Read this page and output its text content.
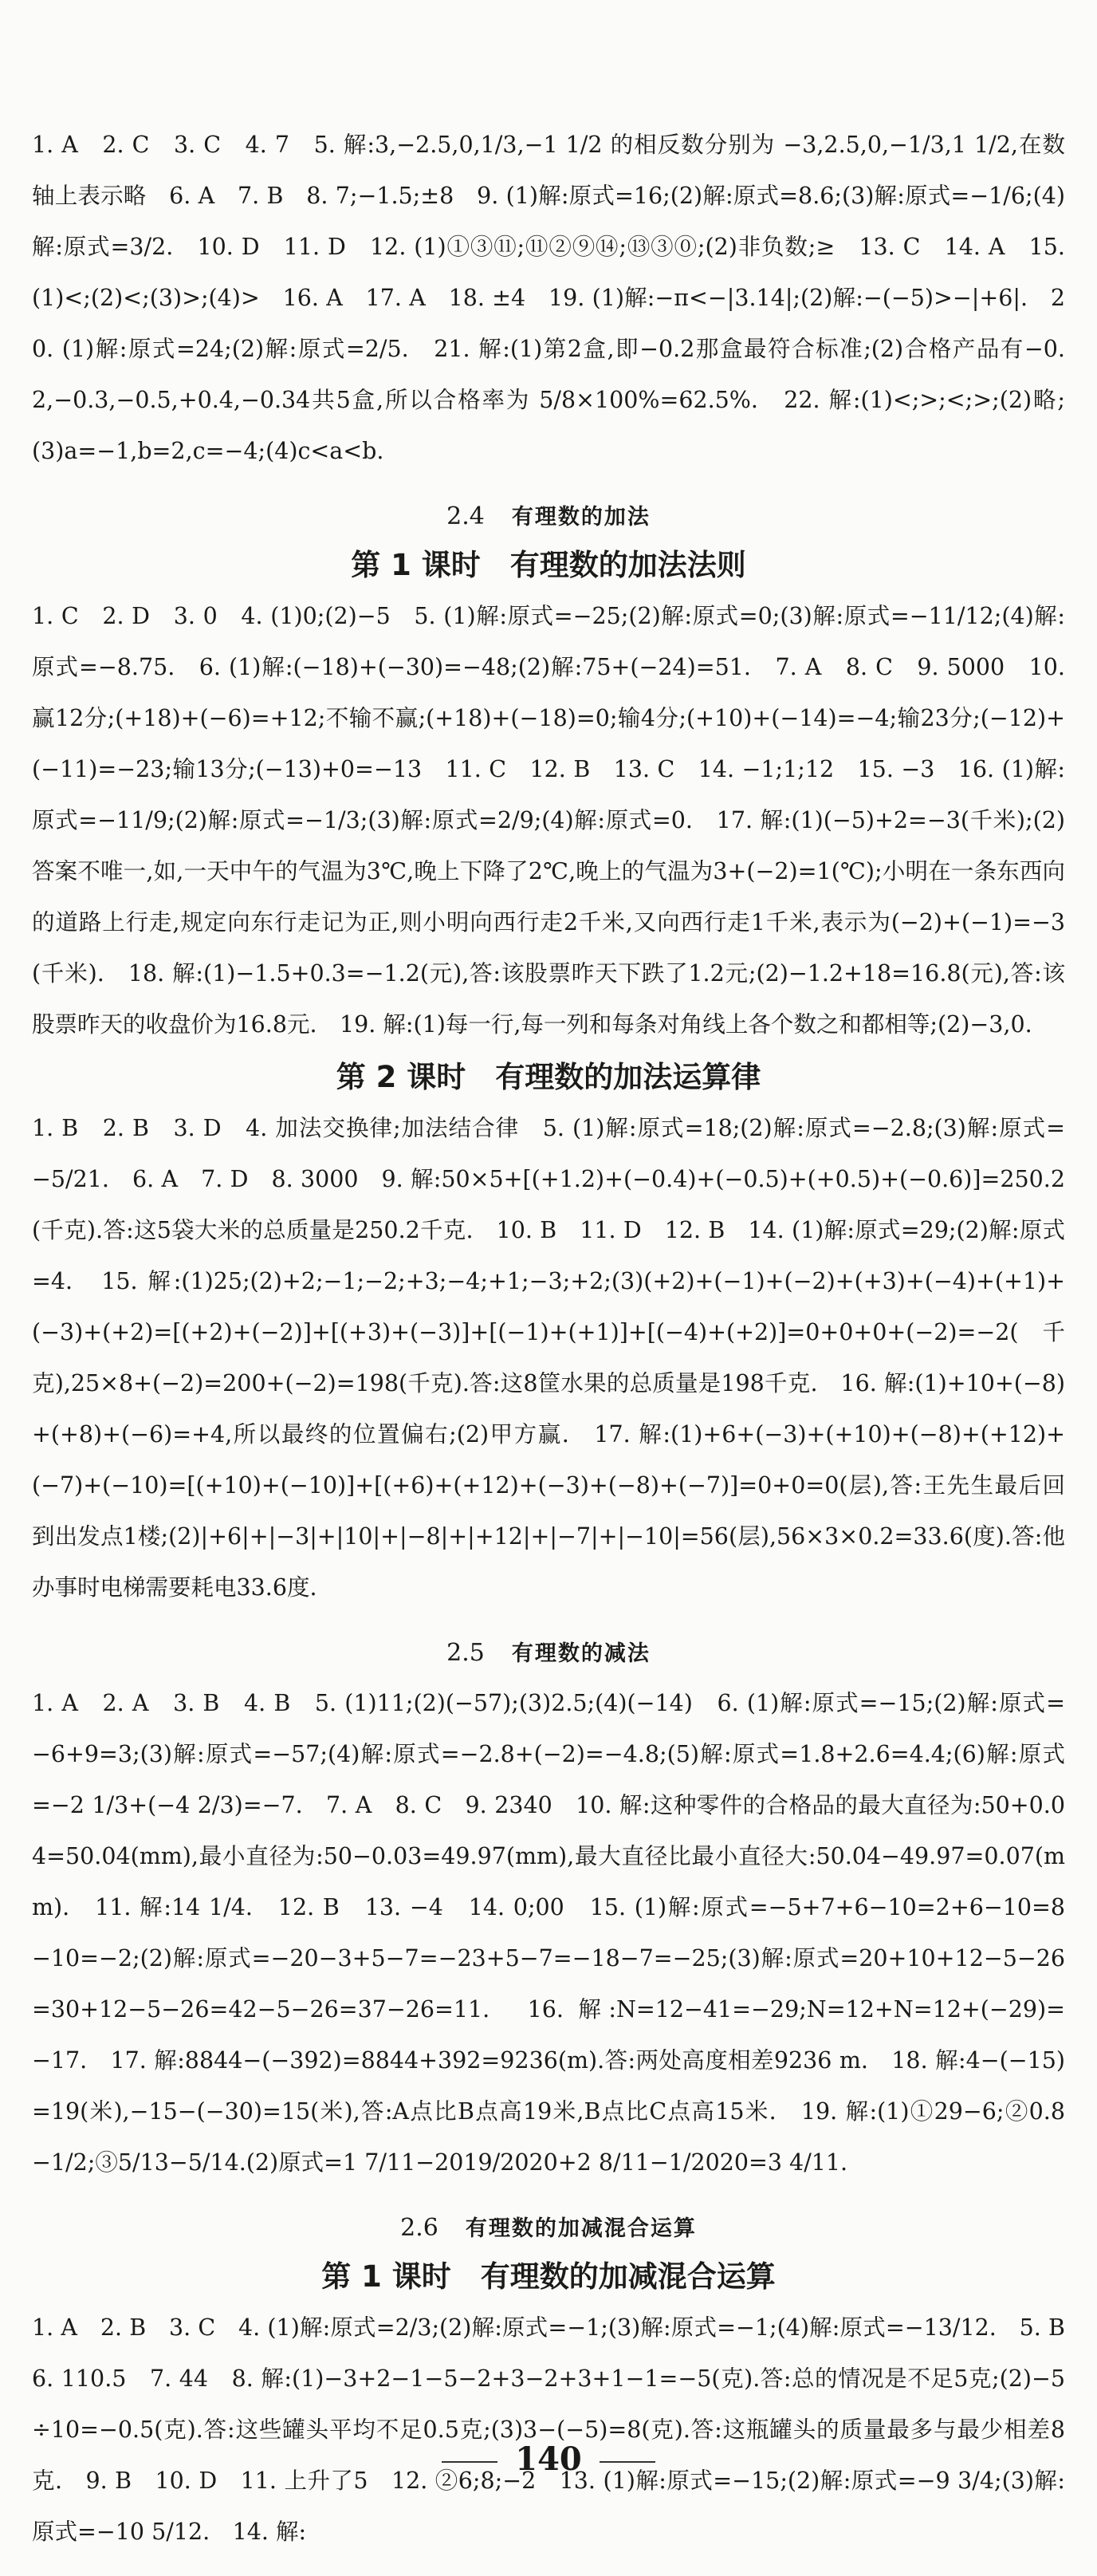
1. A　2. C　3. C　4. 7　5. 解:3,−2.5,0,1/3,−1 1/2 的相反数分别为 −3,2.5,0,−1/3,1 1/2,在数轴上表示略　6. A　7. B　8. 7;−1.5;±8　9. (1)解:原式=16;(2)解:原式=8.6;(3)解:原式=−1/6;(4)解:原式=3/2.　10. D　11. D　12. (1)①③⑪;⑪②⑨⑭;⑬③⓪;(2)非负数;≥　13. C　14. A　15. (1)<;(2)<;(3)>;(4)>　16. A　17. A　18. ±4　19. (1)解:−π<−|3.14|;(2)解:−(−5)>−|+6|.　20. (1)解:原式=24;(2)解:原式=2/5.　21. 解:(1)第2盒,即−0.2那盒最符合标准;(2)合格产品有−0.2,−0.3,−0.5,+0.4,−0.34共5盒,所以合格率为 5/8×100%=62.5%.　22. 解:(1)<;>;<;>;(2)略;(3)a=−1,b=2,c=−4;(4)c<a<b.

2.4 有理数的加法
第 1 课时　有理数的加法法则

1. C　2. D　3. 0　4. (1)0;(2)−5　5. (1)解:原式=−25;(2)解:原式=0;(3)解:原式=−11/12;(4)解:原式=−8.75.　6. (1)解:(−18)+(−30)=−48;(2)解:75+(−24)=51.　7. A　8. C　9. 5000　10. 赢12分;(+18)+(−6)=+12;不输不赢;(+18)+(−18)=0;输4分;(+10)+(−14)=−4;输23分;(−12)+(−11)=−23;输13分;(−13)+0=−13　11. C　12. B　13. C　14. −1;1;12　15. −3　16. (1)解:原式=−11/9;(2)解:原式=−1/3;(3)解:原式=2/9;(4)解:原式=0.　17. 解:(1)(−5)+2=−3(千米);(2)答案不唯一,如,一天中午的气温为3℃,晚上下降了2℃,晚上的气温为3+(−2)=1(℃);小明在一条东西向的道路上行走,规定向东行走记为正,则小明向西行走2千米,又向西行走1千米,表示为(−2)+(−1)=−3(千米).　18. 解:(1)−1.5+0.3=−1.2(元),答:该股票昨天下跌了1.2元;(2)−1.2+18=16.8(元),答:该股票昨天的收盘价为16.8元.　19. 解:(1)每一行,每一列和每条对角线上各个数之和都相等;(2)−3,0.

第 2 课时　有理数的加法运算律

1. B　2. B　3. D　4. 加法交换律;加法结合律　5. (1)解:原式=18;(2)解:原式=−2.8;(3)解:原式=−5/21.　6. A　7. D　8. 3000　9. 解:50×5+[(+1.2)+(−0.4)+(−0.5)+(+0.5)+(−0.6)]=250.2(千克).答:这5袋大米的总质量是250.2千克.　10. B　11. D　12. B　14. (1)解:原式=29;(2)解:原式=4.　15. 解:(1)25;(2)+2;−1;−2;+3;−4;+1;−3;+2;(3)(+2)+(−1)+(−2)+(+3)+(−4)+(+1)+(−3)+(+2)=[(+2)+(−2)]+[(+3)+(−3)]+[(−1)+(+1)]+[(−4)+(+2)]=0+0+0+(−2)=−2(千克),25×8+(−2)=200+(−2)=198(千克).答:这8筐水果的总质量是198千克.　16. 解:(1)+10+(−8)+(+8)+(−6)=+4,所以最终的位置偏右;(2)甲方赢.　17. 解:(1)+6+(−3)+(+10)+(−8)+(+12)+(−7)+(−10)=[(+10)+(−10)]+[(+6)+(+12)+(−3)+(−8)+(−7)]=0+0=0(层),答:王先生最后回到出发点1楼;(2)|+6|+|−3|+|10|+|−8|+|+12|+|−7|+|−10|=56(层),56×3×0.2=33.6(度).答:他办事时电梯需要耗电33.6度.

2.5 有理数的减法

1. A　2. A　3. B　4. B　5. (1)11;(2)(−57);(3)2.5;(4)(−14)　6. (1)解:原式=−15;(2)解:原式=−6+9=3;(3)解:原式=−57;(4)解:原式=−2.8+(−2)=−4.8;(5)解:原式=1.8+2.6=4.4;(6)解:原式=−2 1/3+(−4 2/3)=−7.　7. A　8. C　9. 2340　10. 解:这种零件的合格品的最大直径为:50+0.04=50.04(mm),最小直径为:50−0.03=49.97(mm),最大直径比最小直径大:50.04−49.97=0.07(mm).　11. 解:14 1/4.　12. B　13. −4　14. 0;00　15. (1)解:原式=−5+7+6−10=2+6−10=8−10=−2;(2)解:原式=−20−3+5−7=−23+5−7=−18−7=−25;(3)解:原式=20+10+12−5−26=30+12−5−26=42−5−26=37−26=11.　16. 解:N=12−41=−29;N=12+N=12+(−29)=−17.　17. 解:8844−(−392)=8844+392=9236(m).答:两处高度相差9236 m.　18. 解:4−(−15)=19(米),−15−(−30)=15(米),答:A点比B点高19米,B点比C点高15米.　19. 解:(1)①29−6;②0.8−1/2;③5/13−5/14.(2)原式=1 7/11−2019/2020+2 8/11−1/2020=3 4/11.

2.6 有理数的加减混合运算
第 1 课时　有理数的加减混合运算

1. A　2. B　3. C　4. (1)解:原式=2/3;(2)解:原式=−1;(3)解:原式=−1;(4)解:原式=−13/12.　5. B　6. 110.5　7. 44　8. 解:(1)−3+2−1−5−2+3−2+3+1−1=−5(克).答:总的情况是不足5克;(2)−5÷10=−0.5(克).答:这些罐头平均不足0.5克;(3)3−(−5)=8(克).答:这瓶罐头的质量最多与最少相差8克.　9. B　10. D　11. 上升了5　12. ②6;8;−2　13. (1)解:原式=−15;(2)解:原式=−9 3/4;(3)解:原式=−10 5/12.　14. 解:

140
